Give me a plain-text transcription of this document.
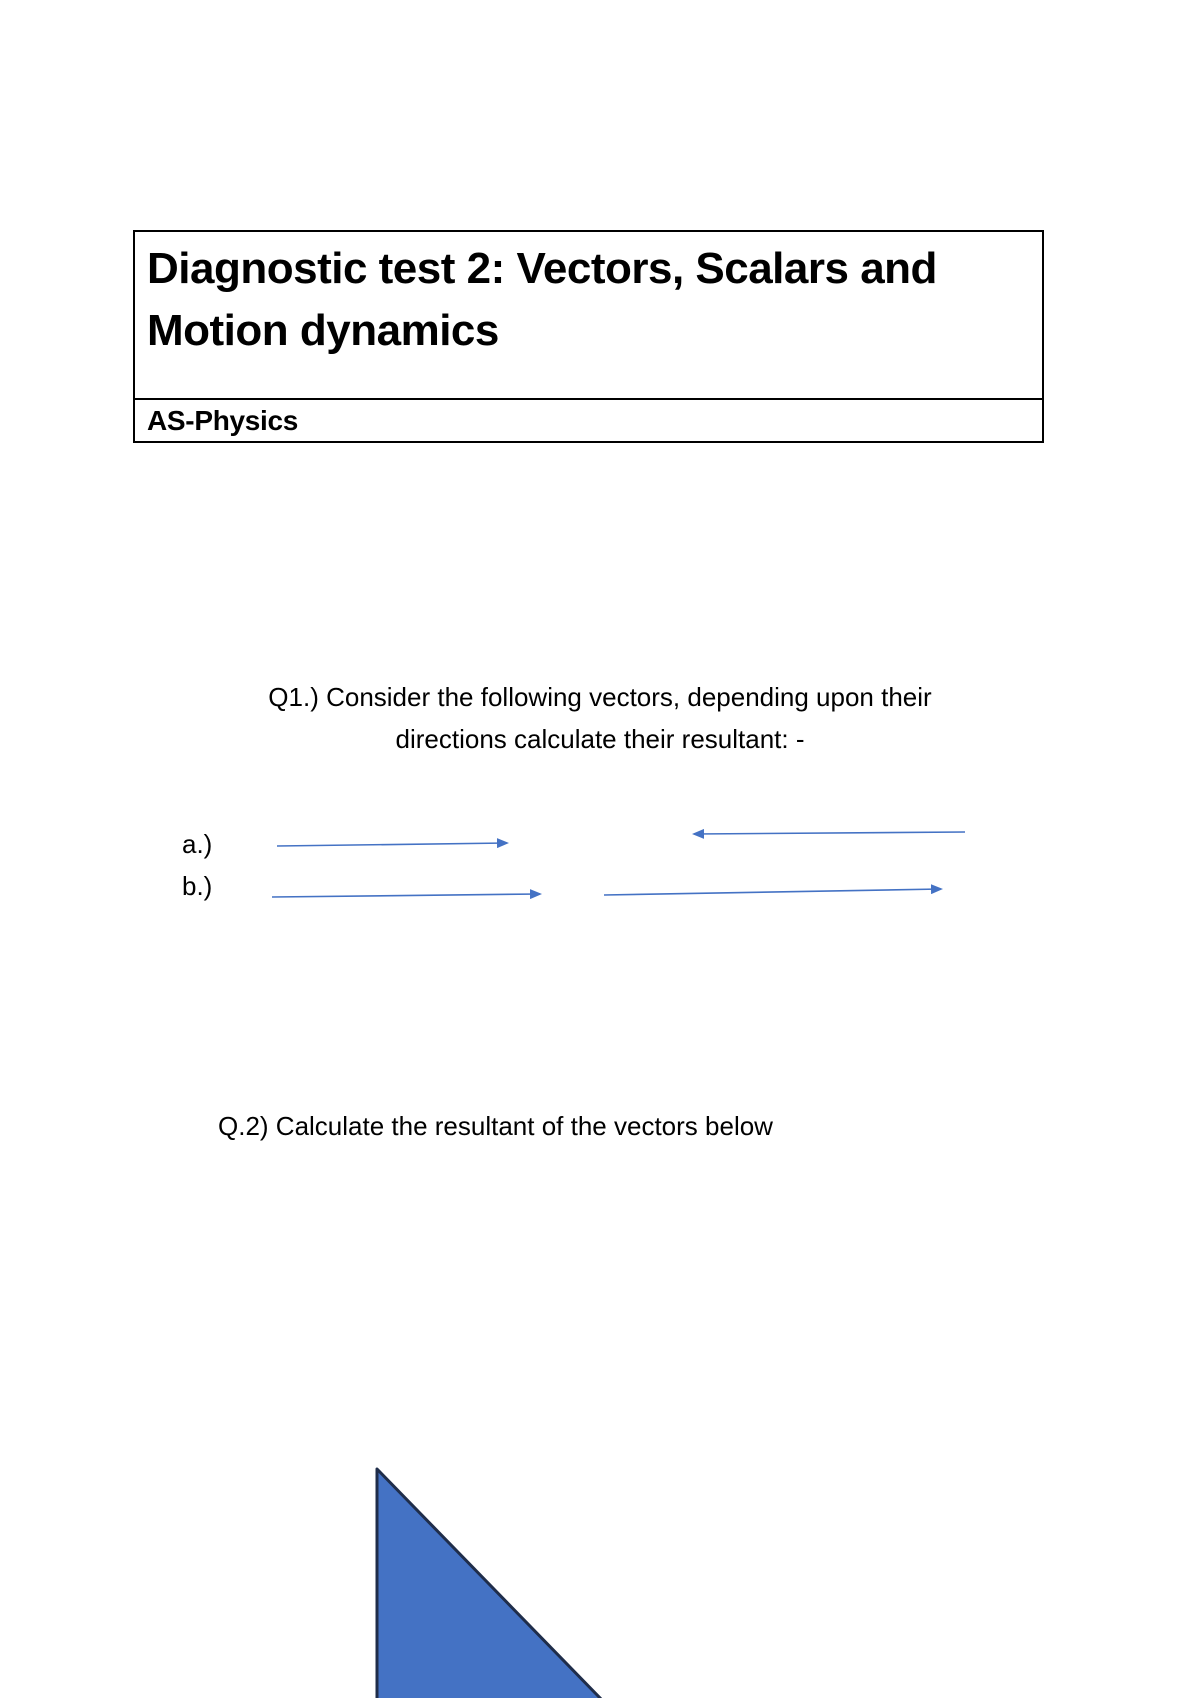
Diagnostic test 2: Vectors, Scalars and Motion dynamics
AS-Physics
Q1.) Consider the following vectors, depending upon their
directions calculate their resultant: -

a.)

b.)

Q.2) Calculate the resultant of the vectors below
